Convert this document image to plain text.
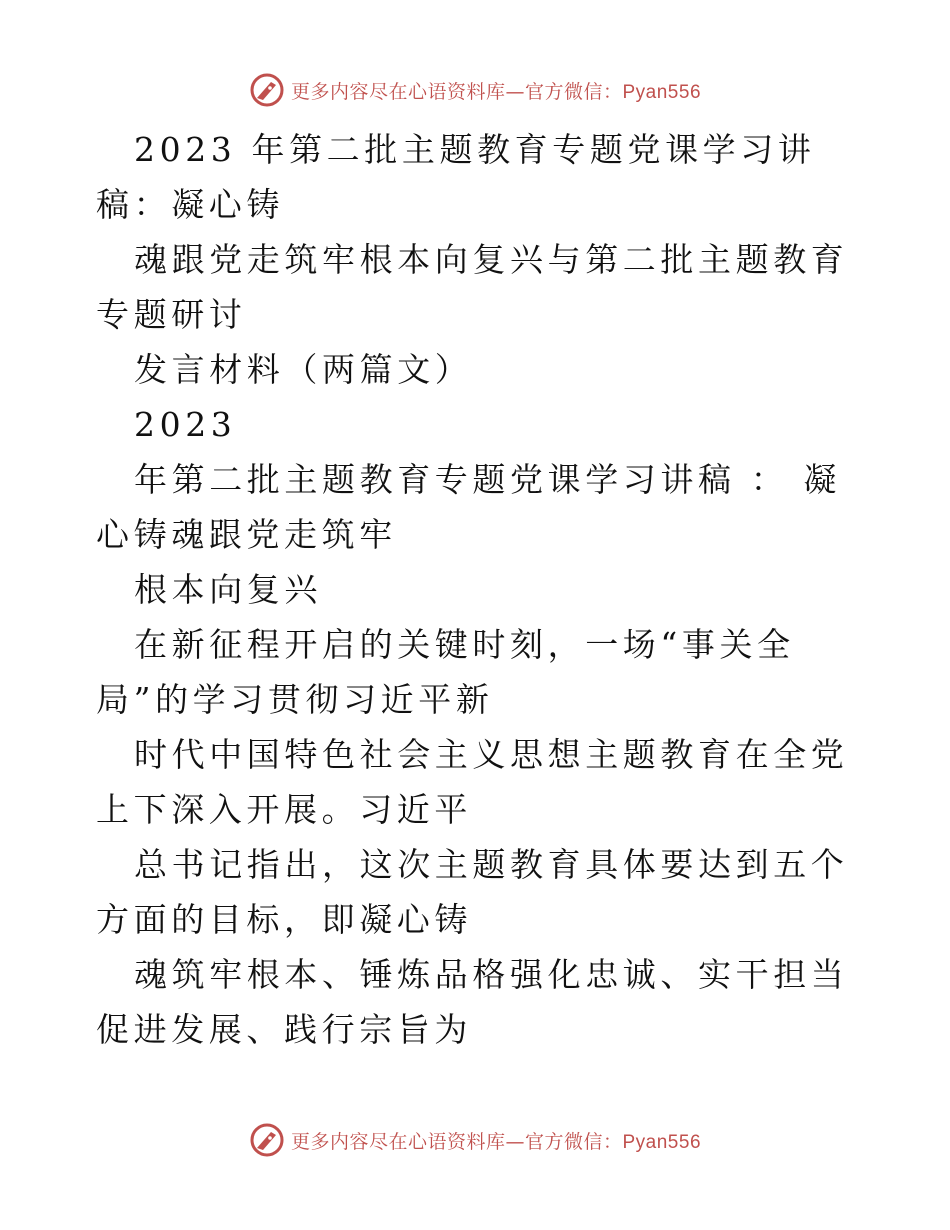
更多内容尽在心语资料库—官方微信：Pyan556

2023 年第二批主题教育专题党课学习讲稿：凝心铸

魂跟党走筑牢根本向复兴与第二批主题教育专题研讨

发言材料（两篇文）

2023

年第二批主题教育专题党课学习讲稿 ： 凝心铸魂跟党走筑牢

根本向复兴

在新征程开启的关键时刻，一场“事关全局”的学习贯彻习近平新

时代中国特色社会主义思想主题教育在全党上下深入开展。习近平

总书记指出，这次主题教育具体要达到五个方面的目标，即凝心铸

魂筑牢根本、锤炼品格强化忠诚、实干担当促进发展、践行宗旨为

更多内容尽在心语资料库—官方微信：Pyan556
